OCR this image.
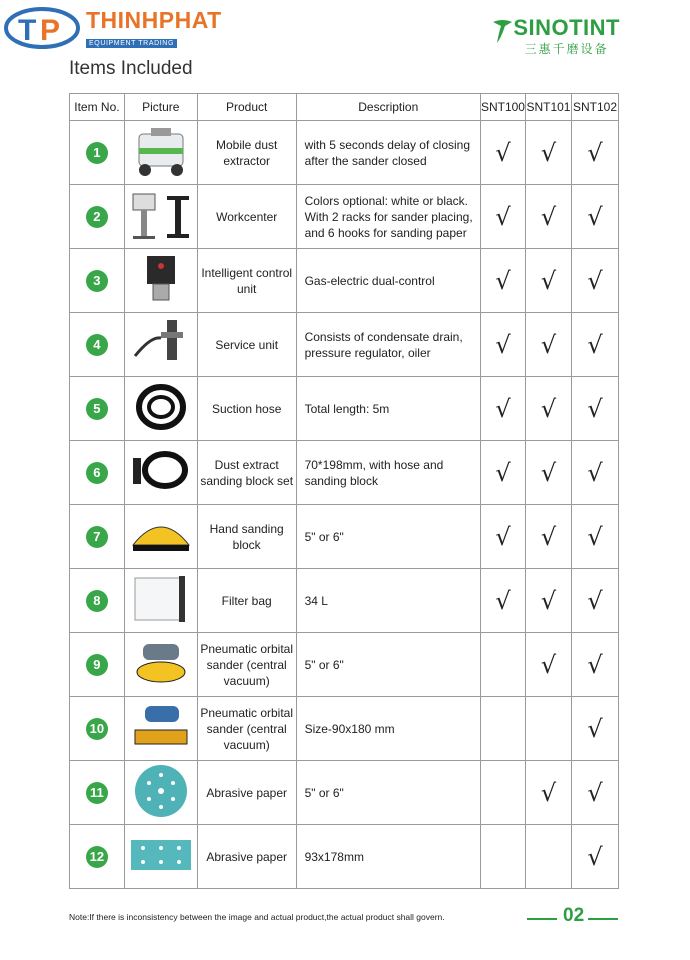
T P THINHPHAT
EQUIPMENT TRADING
SINOTINT
三惠千磨设备
Items Included
Item No.	Picture	Product	Description	SNT100	SNT101	SNT102
1		Mobile dust extractor	with 5 seconds delay of closing after the sander closed	√	√	√
2		Workcenter	Colors optional: white or black. With 2 racks for sander placing, and 6 hooks for sanding paper	√	√	√
3		Intelligent control unit	Gas-electric dual-control	√	√	√
4		Service unit	Consists of condensate drain, pressure regulator, oiler	√	√	√
5		Suction hose	Total length: 5m	√	√	√
6		Dust extract sanding block set	70*198mm, with hose and sanding block	√	√	√
7		Hand sanding block	5" or 6"	√	√	√
8		Filter bag	34 L	√	√	√
9		Pneumatic orbital sander (central vacuum)	5" or 6"		√	√
10		Pneumatic orbital sander (central vacuum)	Size-90x180 mm			√
11		Abrasive paper	5" or 6"		√	√
12		Abrasive paper	93x178mm			√
Note:If there is inconsistency between the image and actual product,the actual product shall govern.	02
